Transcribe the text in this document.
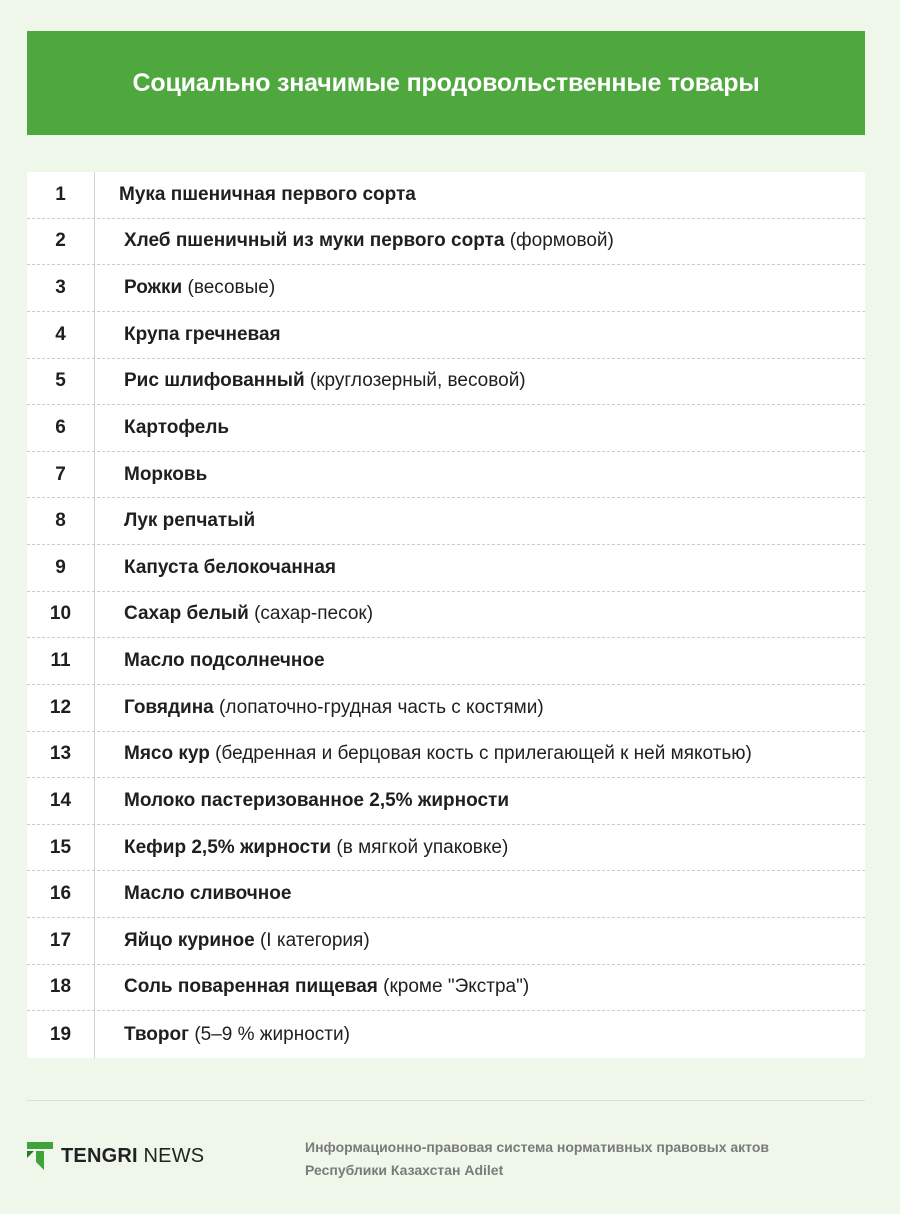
Социально значимые продовольственные товары
1	Мука пшеничная первого сорта
2	Хлеб пшеничный из муки первого сорта (формовой)
3	Рожки (весовые)
4	Крупа гречневая
5	Рис шлифованный (круглозерный, весовой)
6	Картофель
7	Морковь
8	Лук репчатый
9	Капуста белокочанная
10	Сахар белый (сахар-песок)
11	Масло подсолнечное
12	Говядина (лопаточно-грудная часть с костями)
13	Мясо кур (бедренная и берцовая кость с прилегающей к ней мякотью)
14	Молоко пастеризованное 2,5% жирности
15	Кефир 2,5% жирности (в мягкой упаковке)
16	Масло сливочное
17	Яйцо куриное (I категория)
18	Соль поваренная пищевая (кроме "Экстра")
19	Творог (5–9 % жирности)
TENGRI NEWS	Информационно-правовая система нормативных правовых актов
Республики Казахстан Adilet
